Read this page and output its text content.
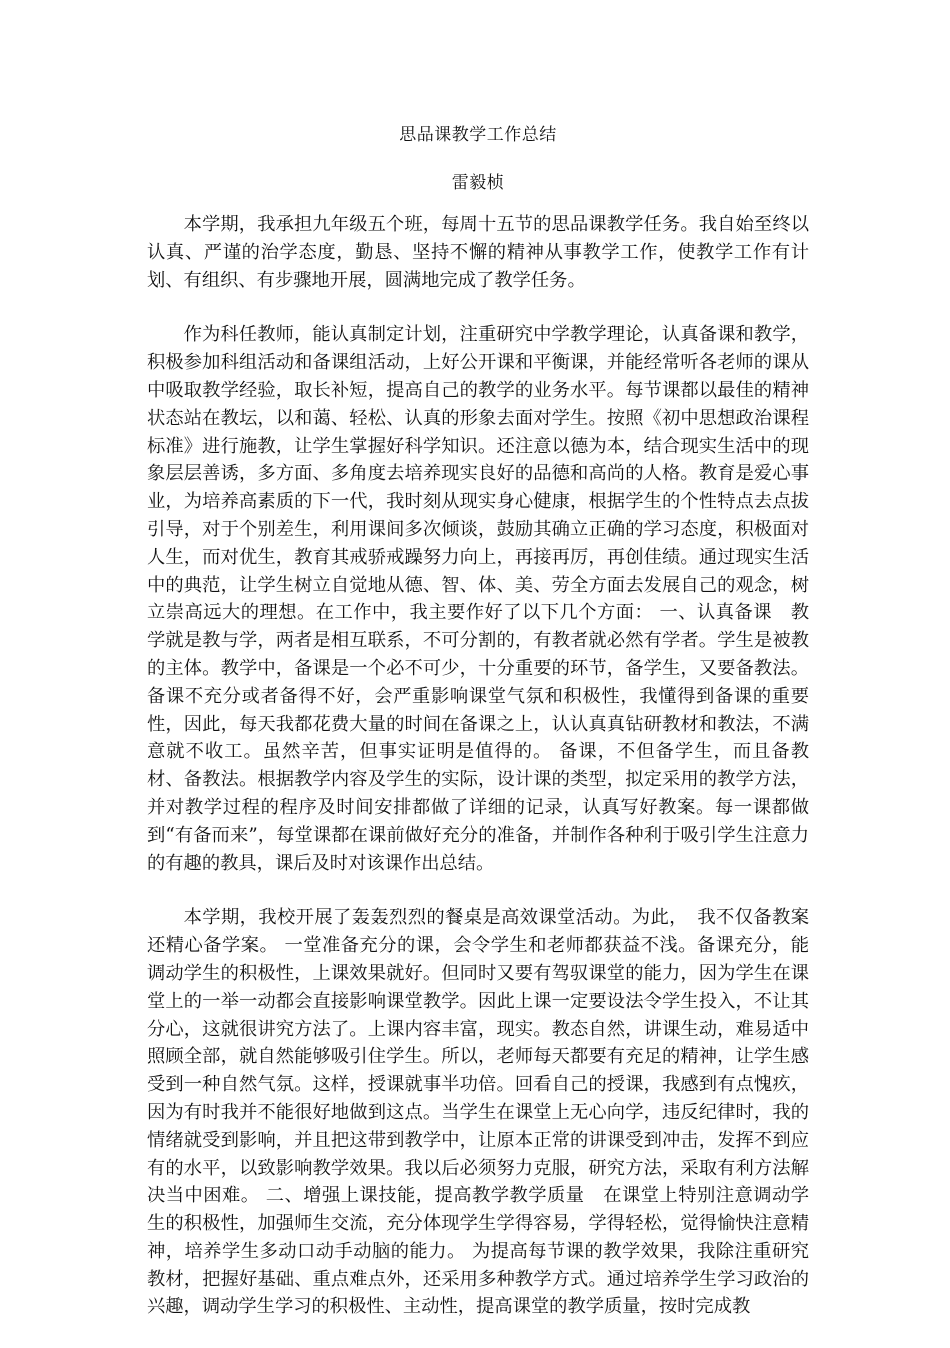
思品课教学工作总结
雷毅桢

本学期，我承担九年级五个班，每周十五节的思品课教学任务。我自始至终以认真、严谨的治学态度，勤恳、坚持不懈的精神从事教学工作，使教学工作有计划、有组织、有步骤地开展，圆满地完成了教学任务。

作为科任教师，能认真制定计划，注重研究中学教学理论，认真备课和教学，积极参加科组活动和备课组活动，上好公开课和平衡课，并能经常听各老师的课从中吸取教学经验，取长补短，提高自己的教学的业务水平。每节课都以最佳的精神状态站在教坛，以和蔼、轻松、认真的形象去面对学生。按照《初中思想政治课程标准》进行施教，让学生掌握好科学知识。还注意以德为本，结合现实生活中的现象层层善诱，多方面、多角度去培养现实良好的品德和高尚的人格。教育是爱心事业，为培养高素质的下一代，我时刻从现实身心健康，根据学生的个性特点去点拔引导，对于个别差生，利用课间多次倾谈，鼓励其确立正确的学习态度，积极面对人生，而对优生，教育其戒骄戒躁努力向上，再接再厉，再创佳绩。通过现实生活中的典范，让学生树立自觉地从德、智、体、美、劳全方面去发展自己的观念，树立崇高远大的理想。在工作中，我主要作好了以下几个方面： 一、认真备课　教学就是教与学，两者是相互联系，不可分割的，有教者就必然有学者。学生是被教的主体。教学中，备课是一个必不可少，十分重要的环节，备学生，又要备教法。备课不充分或者备得不好，会严重影响课堂气氛和积极性，我懂得到备课的重要性，因此，每天我都花费大量的时间在备课之上，认认真真钻研教材和教法，不满意就不收工。虽然辛苦，但事实证明是值得的。 备课，不但备学生，而且备教材、备教法。根据教学内容及学生的实际，设计课的类型，拟定采用的教学方法，并对教学过程的程序及时间安排都做了详细的记录，认真写好教案。每一课都做到“有备而来”，每堂课都在课前做好充分的准备，并制作各种利于吸引学生注意力的有趣的教具，课后及时对该课作出总结。

本学期，我校开展了轰轰烈烈的餐桌是高效课堂活动。为此，　我不仅备教案还精心备学案。 一堂准备充分的课，会令学生和老师都获益不浅。备课充分，能调动学生的积极性，上课效果就好。但同时又要有驾驭课堂的能力，因为学生在课堂上的一举一动都会直接影响课堂教学。因此上课一定要设法令学生投入，不让其分心，这就很讲究方法了。上课内容丰富，现实。教态自然，讲课生动，难易适中照顾全部，就自然能够吸引住学生。所以，老师每天都要有充足的精神，让学生感受到一种自然气氛。这样，授课就事半功倍。回看自己的授课，我感到有点愧疚，因为有时我并不能很好地做到这点。当学生在课堂上无心向学，违反纪律时，我的情绪就受到影响，并且把这带到教学中，让原本正常的讲课受到冲击，发挥不到应有的水平，以致影响教学效果。我以后必须努力克服，研究方法，采取有利方法解决当中困难。 二、增强上课技能，提高教学教学质量　在课堂上特别注意调动学生的积极性，加强师生交流，充分体现学生学得容易，学得轻松，觉得愉快注意精神，培养学生多动口动手动脑的能力。 为提高每节课的教学效果，我除注重研究教材，把握好基础、重点难点外，还采用多种教学方式。通过培养学生学习政治的兴趣，调动学生学习的积极性、主动性，提高课堂的教学质量，按时完成教
